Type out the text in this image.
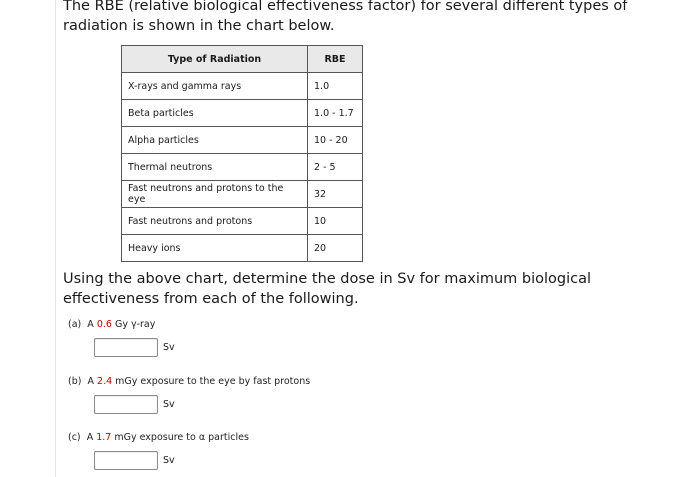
The RBE (relative biological effectiveness factor) for several different types of radiation is shown in the chart below.
Type of Radiation	RBE
X-rays and gamma rays	1.0
Beta particles	1.0 - 1.7
Alpha particles	10 - 20
Thermal neutrons	2 - 5
Fast neutrons and protons to the eye	32
Fast neutrons and protons	10
Heavy ions	20
Using the above chart, determine the dose in Sv for maximum biological effectiveness from each of the following.
(a) A 0.6 Gy γ-ray
Sv
(b) A 2.4 mGy exposure to the eye by fast protons
Sv
(c) A 1.7 mGy exposure to α particles
Sv
